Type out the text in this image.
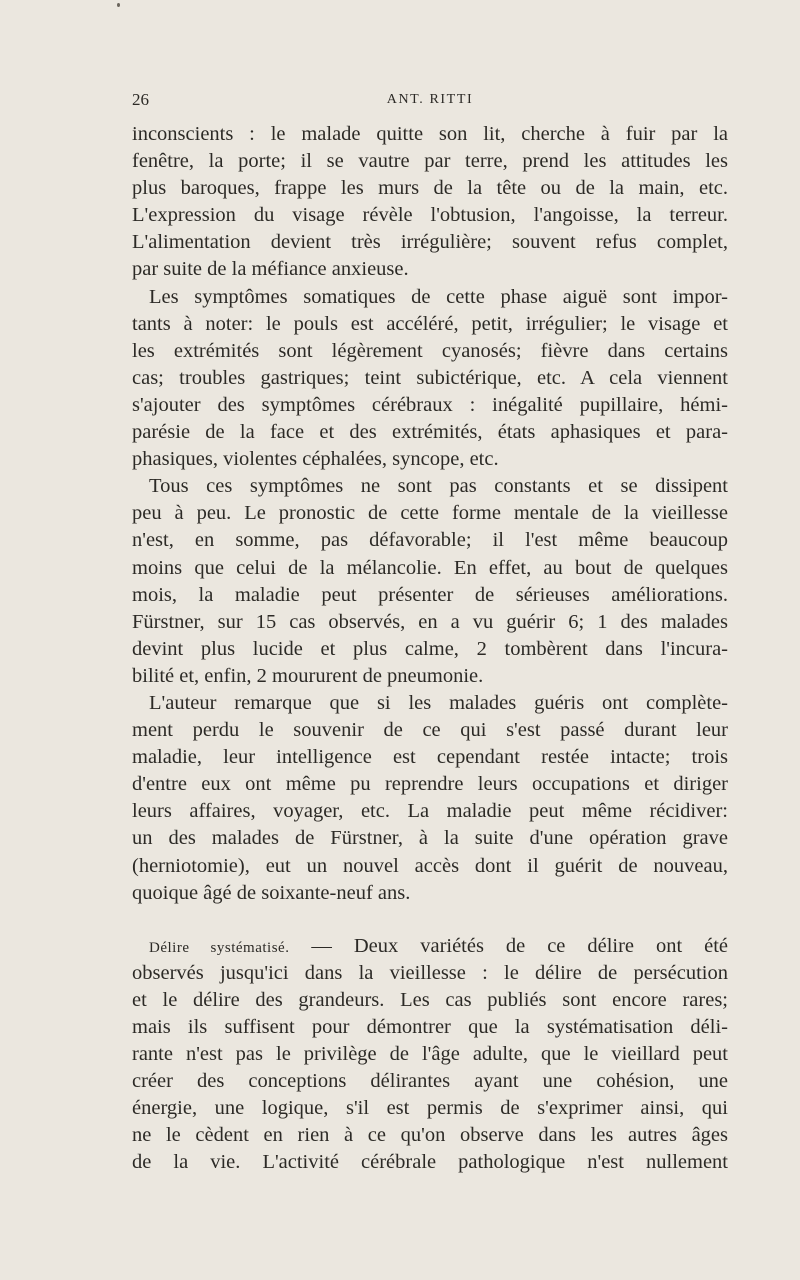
26	ANT. RITTI
inconscients : le malade quitte son lit, cherche à fuir par la
fenêtre, la porte; il se vautre par terre, prend les attitudes les
plus baroques, frappe les murs de la tête ou de la main, etc.
L'expression du visage révèle l'obtusion, l'angoisse, la terreur.
L'alimentation devient très irrégulière; souvent refus complet,
par suite de la méfiance anxieuse.
Les symptômes somatiques de cette phase aiguë sont impor-
tants à noter: le pouls est accéléré, petit, irrégulier; le visage et
les extrémités sont légèrement cyanosés; fièvre dans certains
cas; troubles gastriques; teint subictérique, etc. A cela viennent
s'ajouter des symptômes cérébraux : inégalité pupillaire, hémi-
parésie de la face et des extrémités, états aphasiques et para-
phasiques, violentes céphalées, syncope, etc.
Tous ces symptômes ne sont pas constants et se dissipent
peu à peu. Le pronostic de cette forme mentale de la vieillesse
n'est, en somme, pas défavorable; il l'est même beaucoup
moins que celui de la mélancolie. En effet, au bout de quelques
mois, la maladie peut présenter de sérieuses améliorations.
Fürstner, sur 15 cas observés, en a vu guérir 6; 1 des malades
devint plus lucide et plus calme, 2 tombèrent dans l'incura-
bilité et, enfin, 2 moururent de pneumonie.
L'auteur remarque que si les malades guéris ont complète-
ment perdu le souvenir de ce qui s'est passé durant leur
maladie, leur intelligence est cependant restée intacte; trois
d'entre eux ont même pu reprendre leurs occupations et diriger
leurs affaires, voyager, etc. La maladie peut même récidiver:
un des malades de Fürstner, à la suite d'une opération grave
(herniotomie), eut un nouvel accès dont il guérit de nouveau,
quoique âgé de soixante-neuf ans.
Délire systématisé. — Deux variétés de ce délire ont été
observés jusqu'ici dans la vieillesse : le délire de persécution
et le délire des grandeurs. Les cas publiés sont encore rares;
mais ils suffisent pour démontrer que la systématisation déli-
rante n'est pas le privilège de l'âge adulte, que le vieillard peut
créer des conceptions délirantes ayant une cohésion, une
énergie, une logique, s'il est permis de s'exprimer ainsi, qui
ne le cèdent en rien à ce qu'on observe dans les autres âges
de la vie. L'activité cérébrale pathologique n'est nullement
